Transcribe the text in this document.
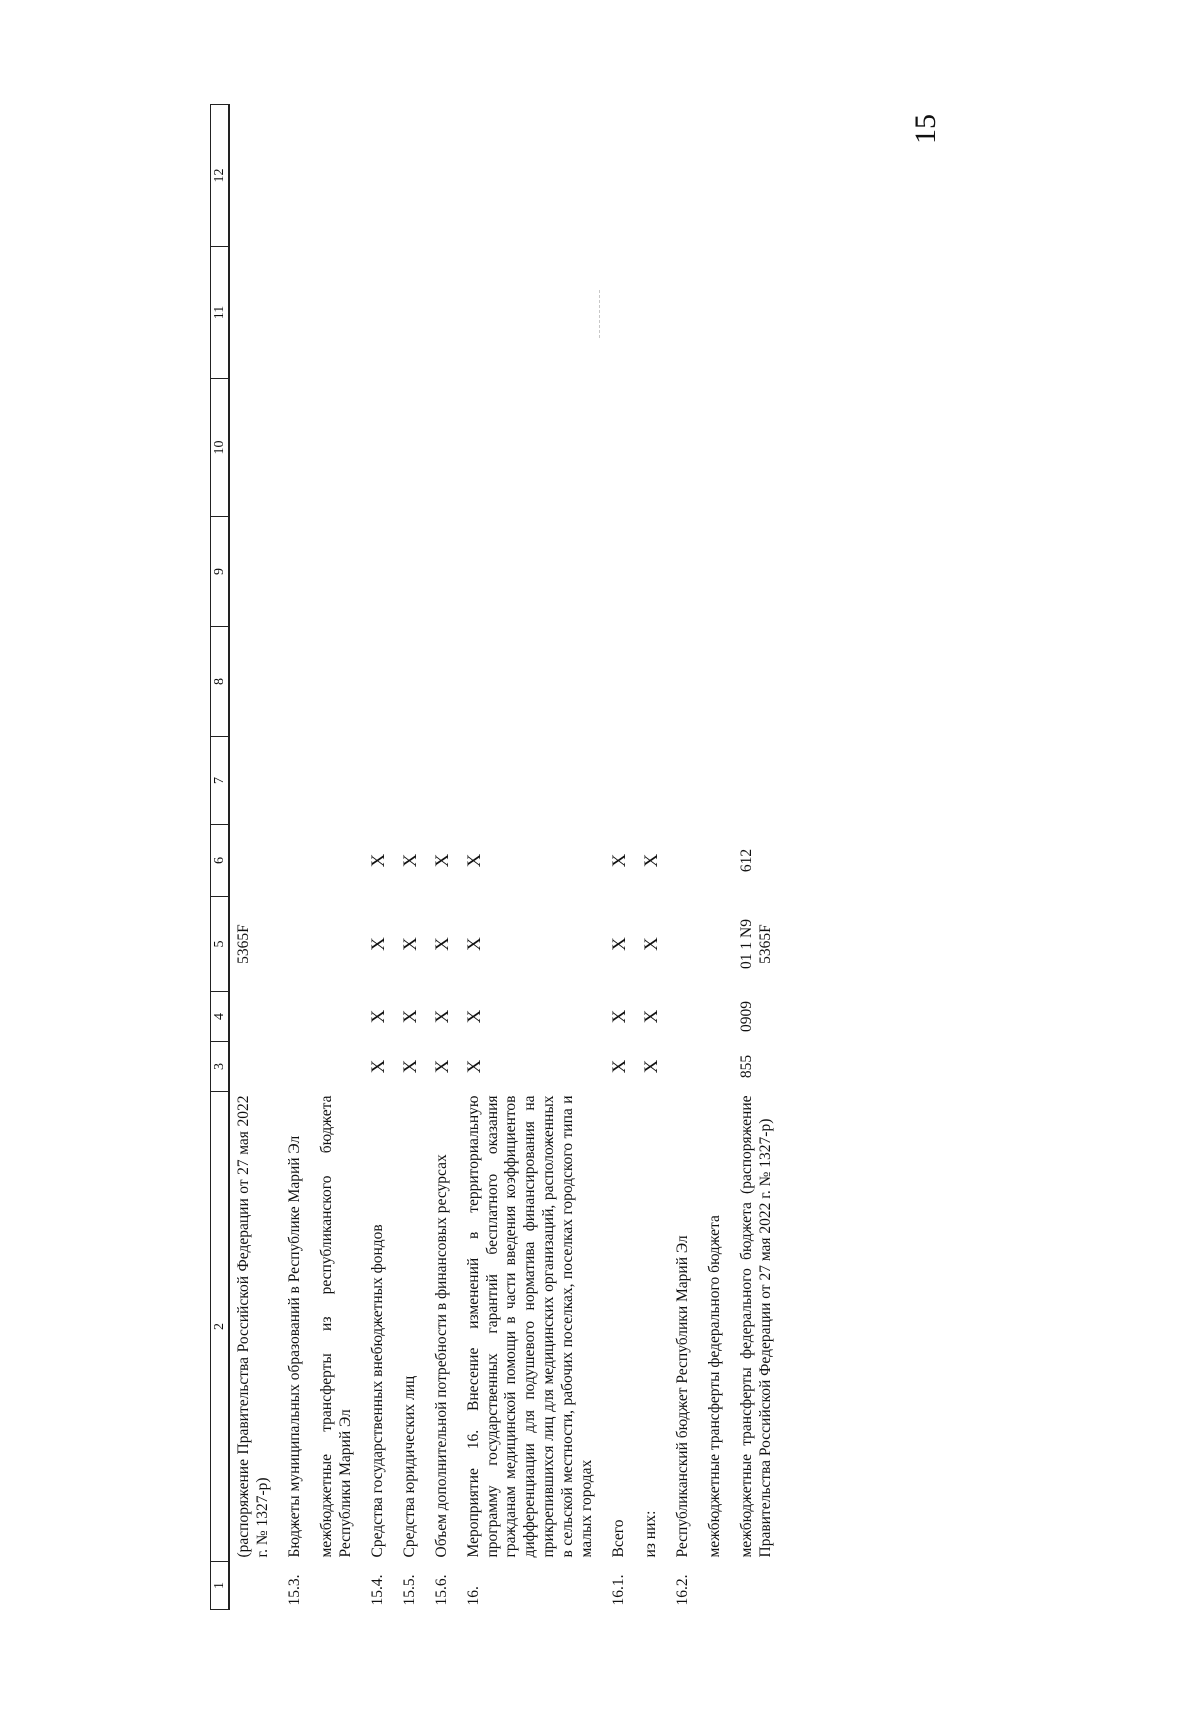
15
1	2	3	4	5	6	7	8	9	10	11	12
	(распоряжение Правительства Российской Федерации от 27 мая 2022 г. № 1327-р)			5365F							
15.3.	Бюджеты муниципальных образований в Республике Марий Эл										
	межбюджетные трансферты из республиканского бюджета Республики Марий Эл										
15.4.	Средства государственных внебюджетных фондов	X	X	X	X						
15.5.	Средства юридических лиц	X	X	X	X						
15.6.	Объем дополнительной потребности в финансовых ресурсах	X	X	X	X						
16.	Мероприятие 16. Внесение изменений в территориальную программу государственных гарантий бесплатного оказания гражданам медицинской помощи в части введения коэффициентов дифференциации для подушевого норматива финансирования на прикрепившихся лиц для медицинских организаций, расположенных в сельской местности, рабочих поселках, поселках городского типа и малых городах	X	X	X	X						
16.1.	Всего	X	X	X	X						
	из них:	X	X	X	X						
16.2.	Республиканский бюджет Республики Марий Эл										
	межбюджетные трансферты федерального бюджета										
	межбюджетные трансферты федерального бюджета (распоряжение Правительства Российской Федерации от 27 мая 2022 г. № 1327-р)	855	0909	01 1 N9 5365F	612						
